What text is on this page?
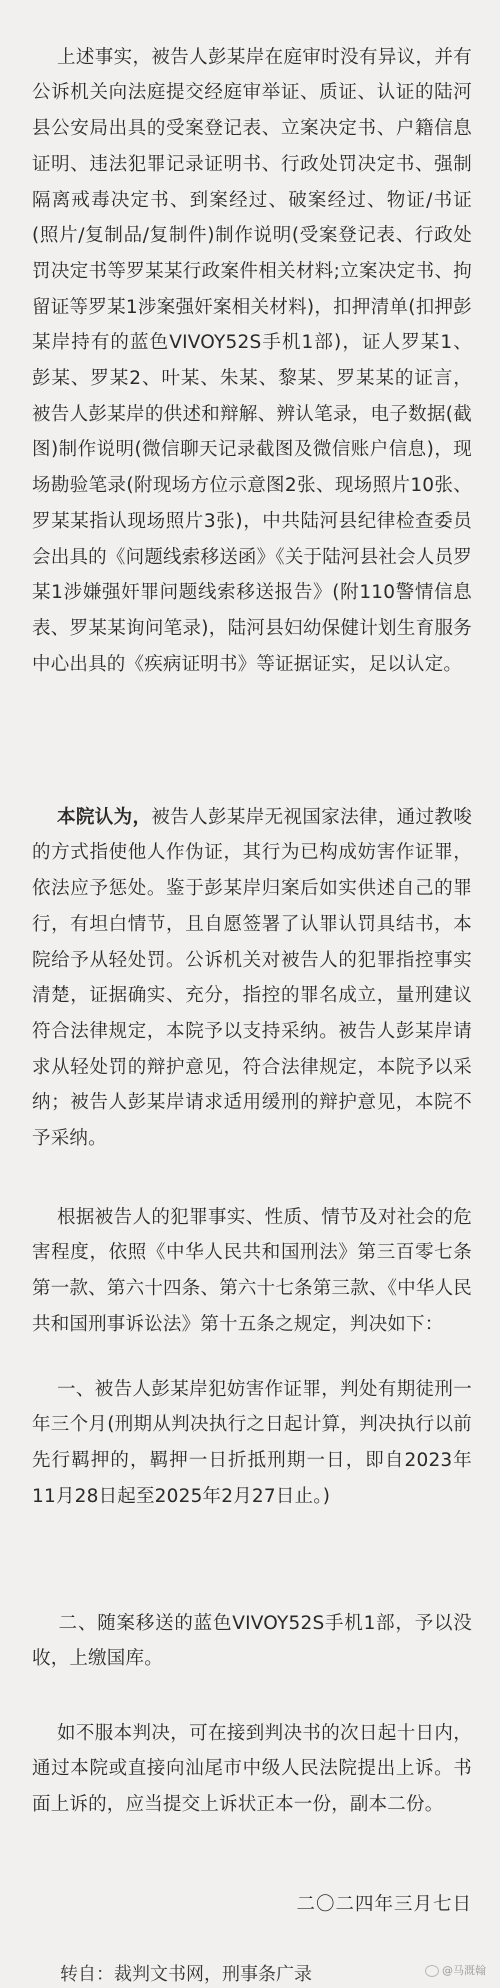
上述事实，被告人彭某岸在庭审时没有异议，并有公诉机关向法庭提交经庭审举证、质证、认证的陆河县公安局出具的受案登记表、立案决定书、户籍信息证明、违法犯罪记录证明书、行政处罚决定书、强制隔离戒毒决定书、到案经过、破案经过、物证/书证(照片/复制品/复制件)制作说明(受案登记表、行政处罚决定书等罗某某行政案件相关材料;立案决定书、拘留证等罗某1涉案强奸案相关材料)，扣押清单(扣押彭某岸持有的蓝色VIVOY52S手机1部)，证人罗某1、彭某、罗某2、叶某、朱某、黎某、罗某某的证言，被告人彭某岸的供述和辩解、辨认笔录，电子数据(截图)制作说明(微信聊天记录截图及微信账户信息)，现场勘验笔录(附现场方位示意图2张、现场照片10张、罗某某指认现场照片3张)，中共陆河县纪律检查委员会出具的《问题线索移送函》《关于陆河县社会人员罗某1涉嫌强奸罪问题线索移送报告》(附110警情信息表、罗某某询问笔录)，陆河县妇幼保健计划生育服务中心出具的《疾病证明书》等证据证实，足以认定。

本院认为，被告人彭某岸无视国家法律，通过教唆的方式指使他人作伪证，其行为已构成妨害作证罪，依法应予惩处。鉴于彭某岸归案后如实供述自己的罪行，有坦白情节，且自愿签署了认罪认罚具结书，本院给予从轻处罚。公诉机关对被告人的犯罪指控事实清楚，证据确实、充分，指控的罪名成立，量刑建议符合法律规定，本院予以支持采纳。被告人彭某岸请求从轻处罚的辩护意见，符合法律规定，本院予以采纳；被告人彭某岸请求适用缓刑的辩护意见，本院不予采纳。

根据被告人的犯罪事实、性质、情节及对社会的危害程度，依照《中华人民共和国刑法》第三百零七条第一款、第六十四条、第六十七条第三款、《中华人民共和国刑事诉讼法》第十五条之规定，判决如下：

一、被告人彭某岸犯妨害作证罪，判处有期徒刑一年三个月(刑期从判决执行之日起计算，判决执行以前先行羁押的，羁押一日折抵刑期一日，即自2023年11月28日起至2025年2月27日止。)

二、随案移送的蓝色VIVOY52S手机1部，予以没收，上缴国库。

如不服本判决，可在接到判决书的次日起十日内，通过本院或直接向汕尾市中级人民法院提出上诉。书面上诉的，应当提交上诉状正本一份，副本二份。

二〇二四年三月七日
转自：裁判文书网，刑事条广录	@马溉翰
